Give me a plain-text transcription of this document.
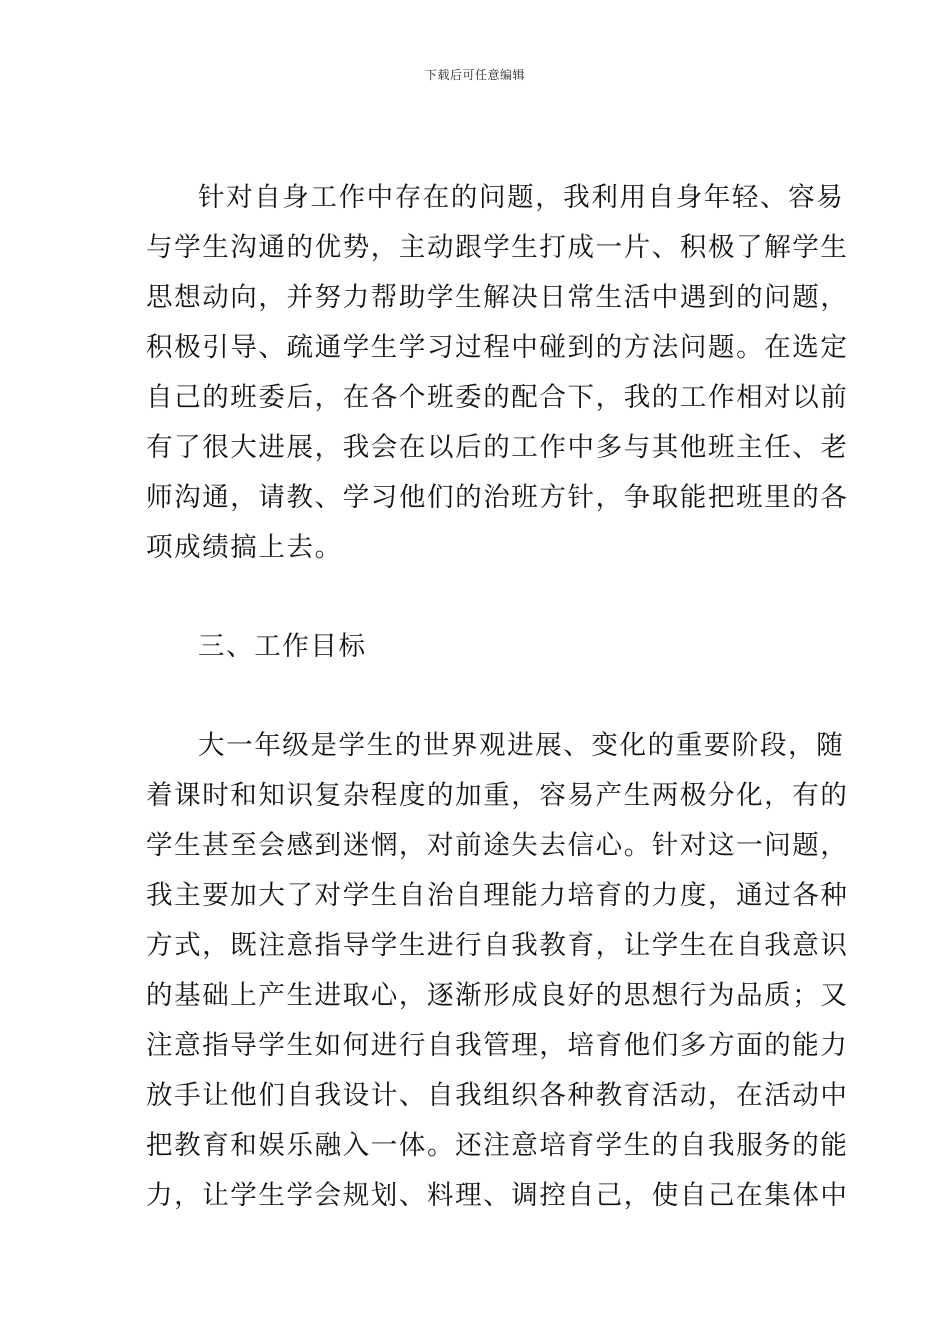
下载后可任意编辑
针对自身工作中存在的问题，我利用自身年轻、容易
与学生沟通的优势，主动跟学生打成一片、积极了解学生
思想动向，并努力帮助学生解决日常生活中遇到的问题，
积极引导、疏通学生学习过程中碰到的方法问题。在选定
自己的班委后，在各个班委的配合下，我的工作相对以前
有了很大进展，我会在以后的工作中多与其他班主任、老
师沟通，请教、学习他们的治班方针，争取能把班里的各
项成绩搞上去。
三、工作目标
大一年级是学生的世界观进展、变化的重要阶段，随
着课时和知识复杂程度的加重，容易产生两极分化，有的
学生甚至会感到迷惘，对前途失去信心。针对这一问题，
我主要加大了对学生自治自理能力培育的力度，通过各种
方式，既注意指导学生进行自我教育，让学生在自我意识
的基础上产生进取心，逐渐形成良好的思想行为品质；又
注意指导学生如何进行自我管理，培育他们多方面的能力
放手让他们自我设计、自我组织各种教育活动，在活动中
把教育和娱乐融入一体。还注意培育学生的自我服务的能
力，让学生学会规划、料理、调控自己，使自己在集体中
